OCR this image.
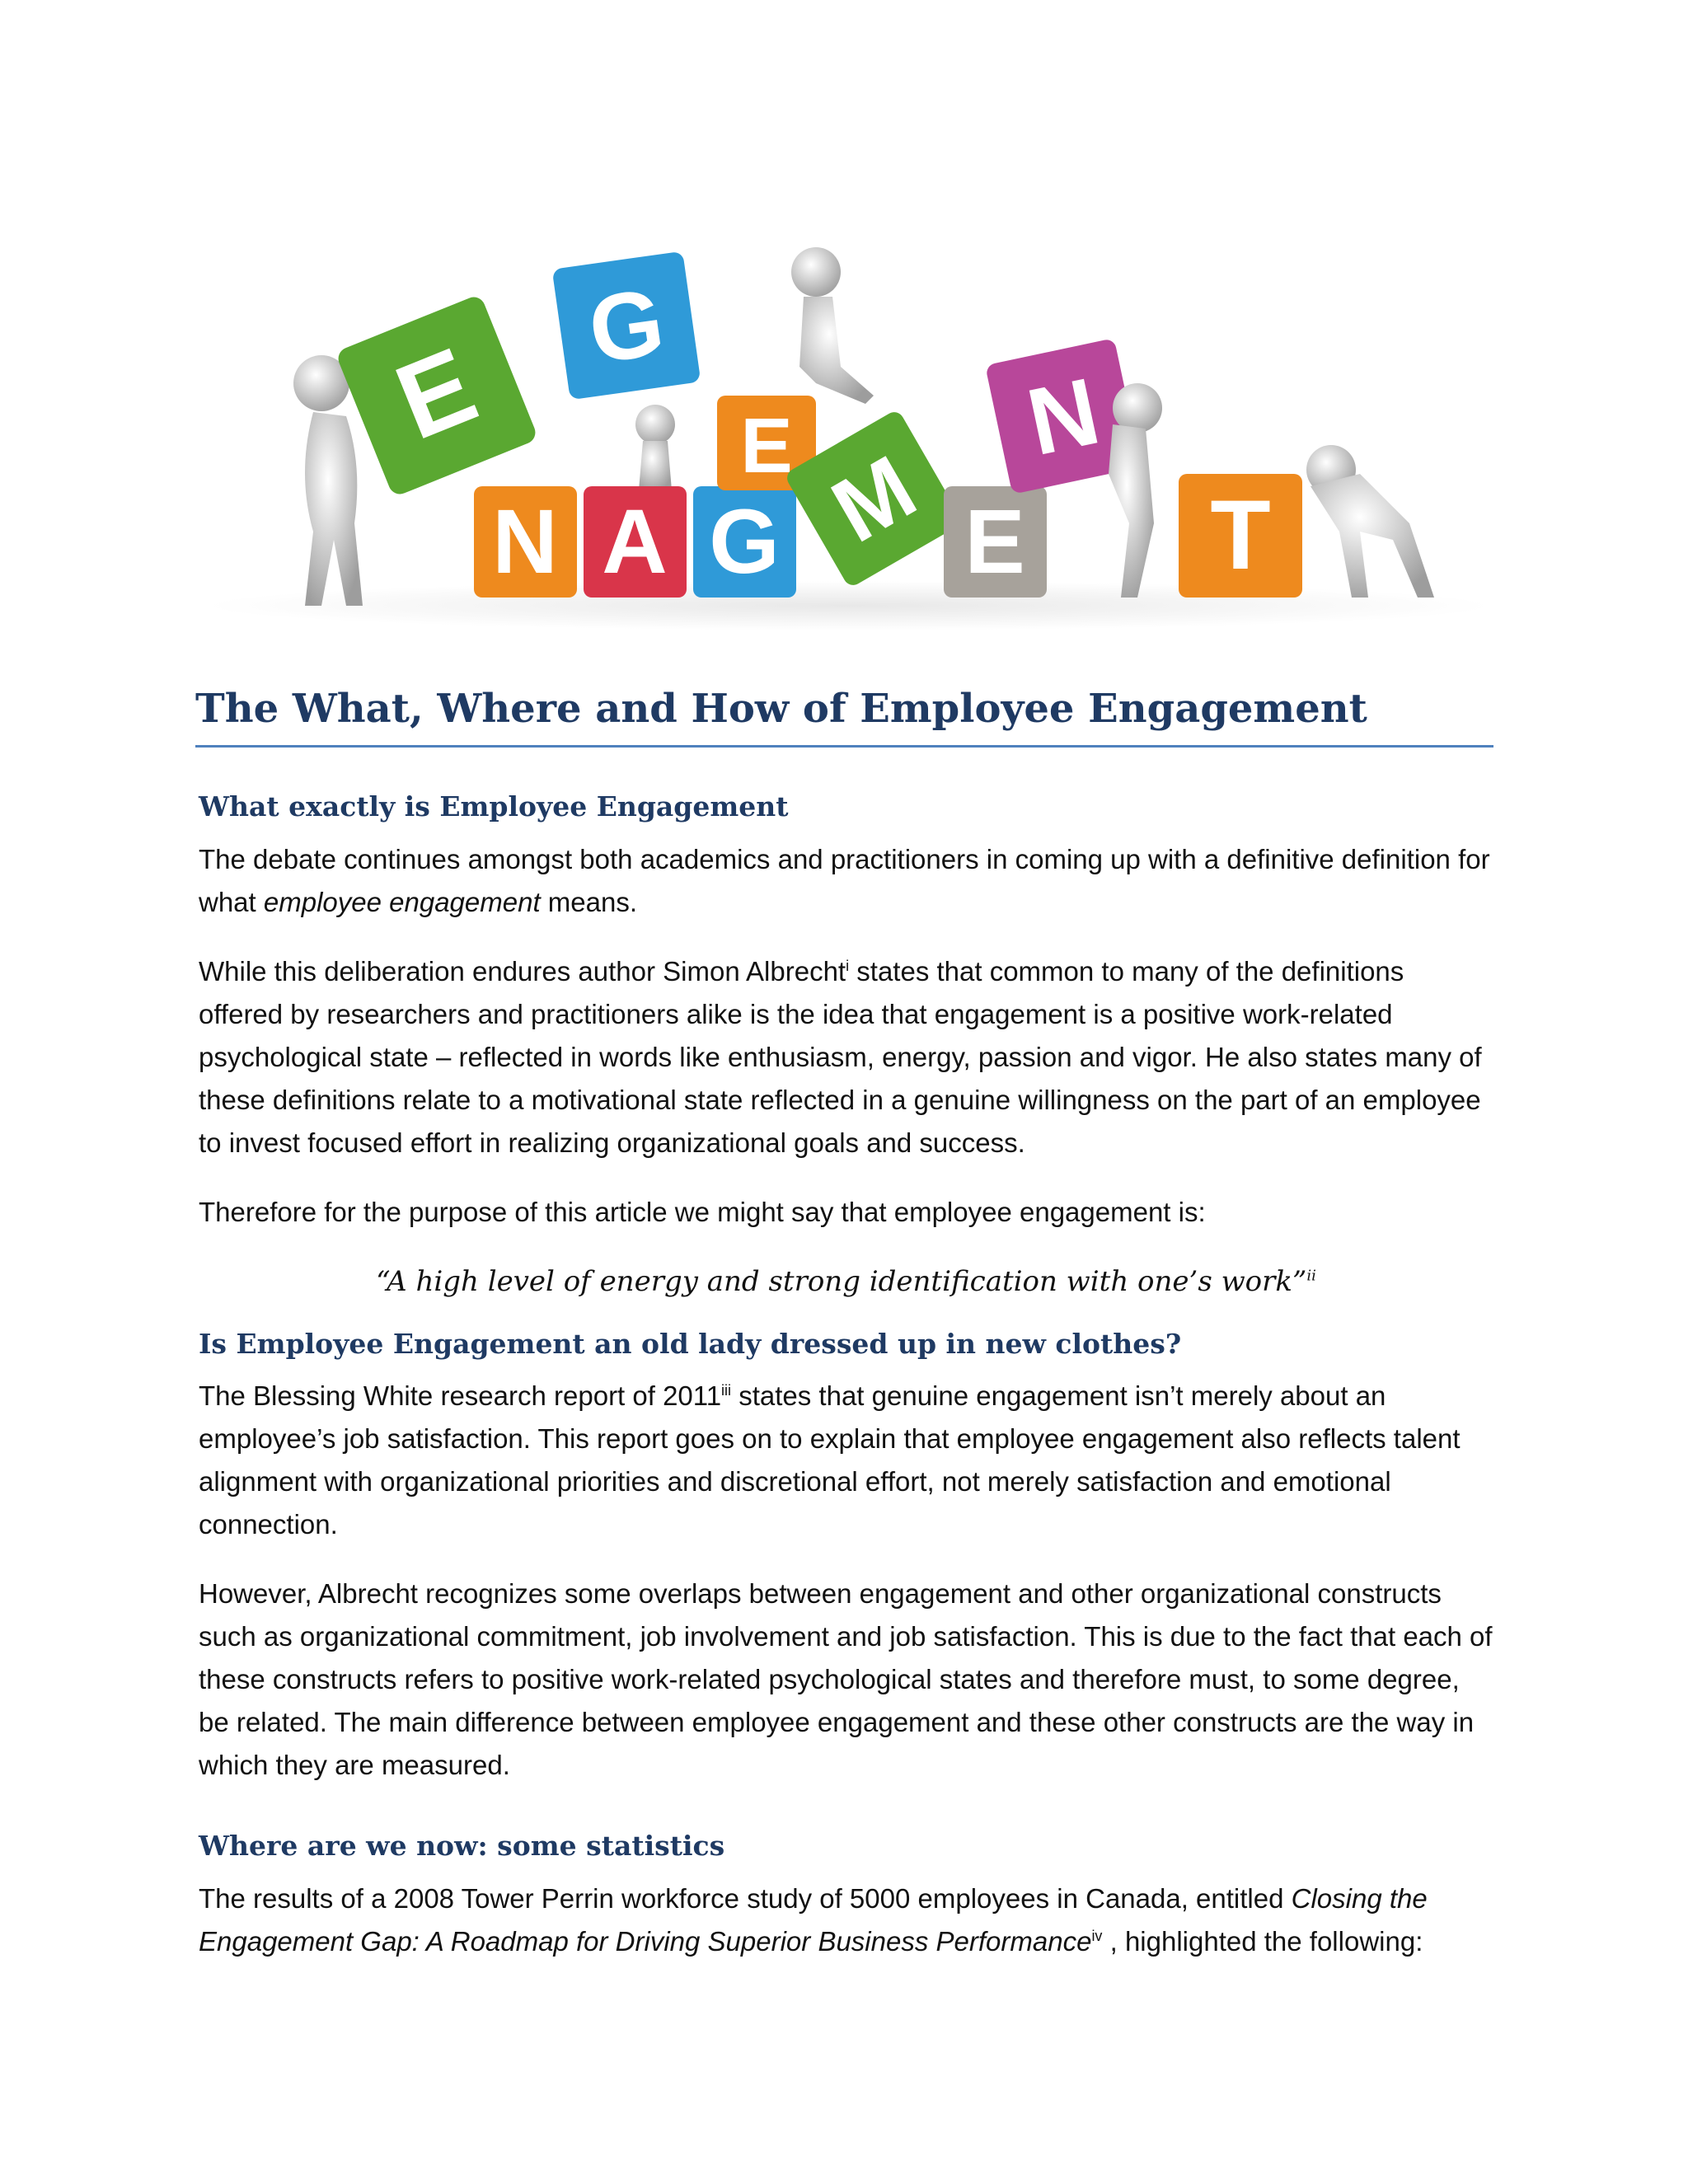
E G
N A G
E M E
N
T
The What, Where and How of Employee Engagement
What exactly is Employee Engagement

The debate continues amongst both academics and practitioners in coming up with a definitive definition for what employee engagement means.

While this deliberation endures author Simon Albrecht$^i$ states that common to many of the definitions offered by researchers and practitioners alike is the idea that engagement is a positive work-related psychological state – reflected in words like enthusiasm, energy, passion and vigor. He also states many of these definitions relate to a motivational state reflected in a genuine willingness on the part of an employee to invest focused effort in realizing organizational goals and success.

Therefore for the purpose of this article we might say that employee engagement is:

“A high level of energy and strong identification with one’s work”$^{ii}$

Is Employee Engagement an old lady dressed up in new clothes?

The Blessing White research report of 2011$^{iii}$ states that genuine engagement isn’t merely about an employee’s job satisfaction. This report goes on to explain that employee engagement also reflects talent alignment with organizational priorities and discretional effort, not merely satisfaction and emotional connection.

However, Albrecht recognizes some overlaps between engagement and other organizational constructs such as organizational commitment, job involvement and job satisfaction. This is due to the fact that each of these constructs refers to positive work-related psychological states and therefore must, to some degree, be related. The main difference between employee engagement and these other constructs are the way in which they are measured.

Where are we now: some statistics

The results of a 2008 Tower Perrin workforce study of 5000 employees in Canada, entitled Closing the Engagement Gap: A Roadmap for Driving Superior Business Performance$^{iv}$ , highlighted the following:
